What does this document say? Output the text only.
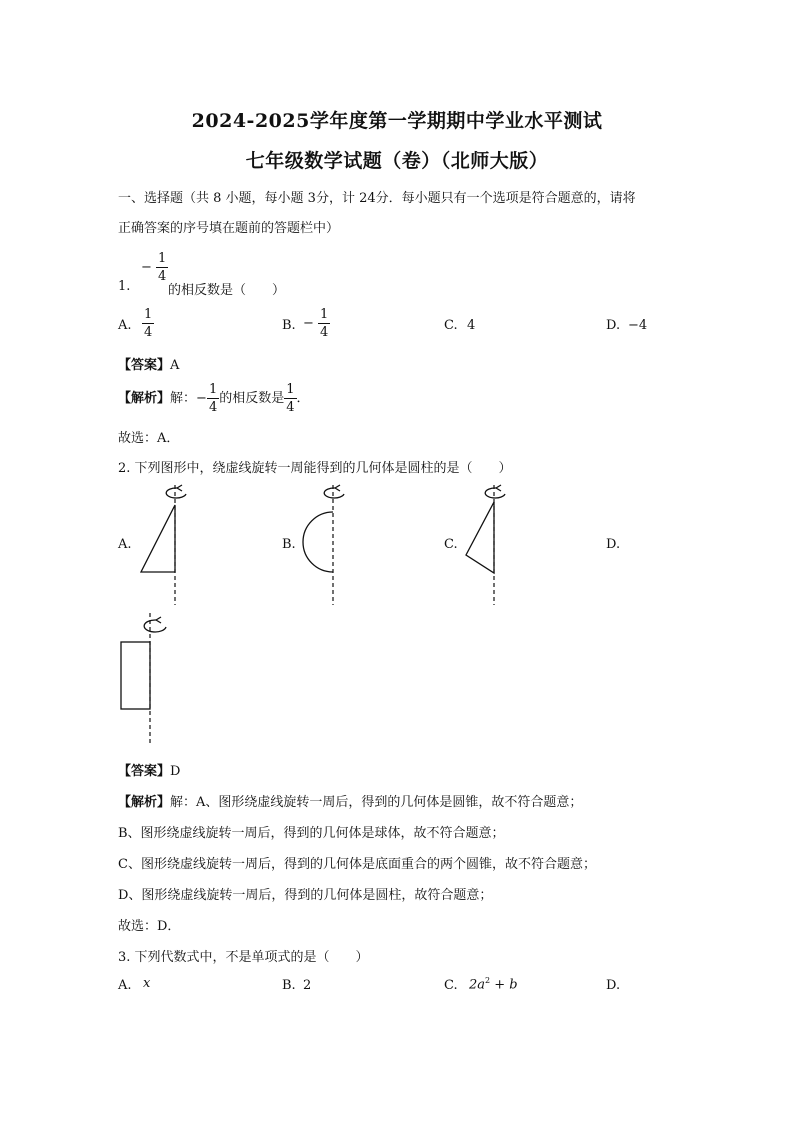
2024-2025学年度第一学期期中学业水平测试
七年级数学试题（卷）（北师大版）
一、选择题（共 8 小题，每小题 3分，计 24分．每小题只有一个选项是符合题意的，请将
正确答案的序号填在题前的答题栏中）
1.
− $\frac{1}{4}$
的相反数是（　　）
A. $\frac{1}{4}$	B. − $\frac{1}{4}$	C. 4	D. −4
【答案】A
【解析】解：− $\frac{1}{4}$ 的相反数是 $\frac{1}{4}$ ．
故选：A．
2. 下列图形中，绕虚线旋转一周能得到的几何体是圆柱的是（　　）
A.	B.	C.	D.
【答案】D
【解析】解：A、图形绕虚线旋转一周后，得到的几何体是圆锥，故不符合题意；
B、图形绕虚线旋转一周后，得到的几何体是球体，故不符合题意；
C、图形绕虚线旋转一周后，得到的几何体是底面重合的两个圆锥，故不符合题意；
D、图形绕虚线旋转一周后，得到的几何体是圆柱，故符合题意；
故选：D．
3. 下列代数式中，不是单项式的是（　　）
A. x	B. 2	C. $2a^2 + b$	D.
